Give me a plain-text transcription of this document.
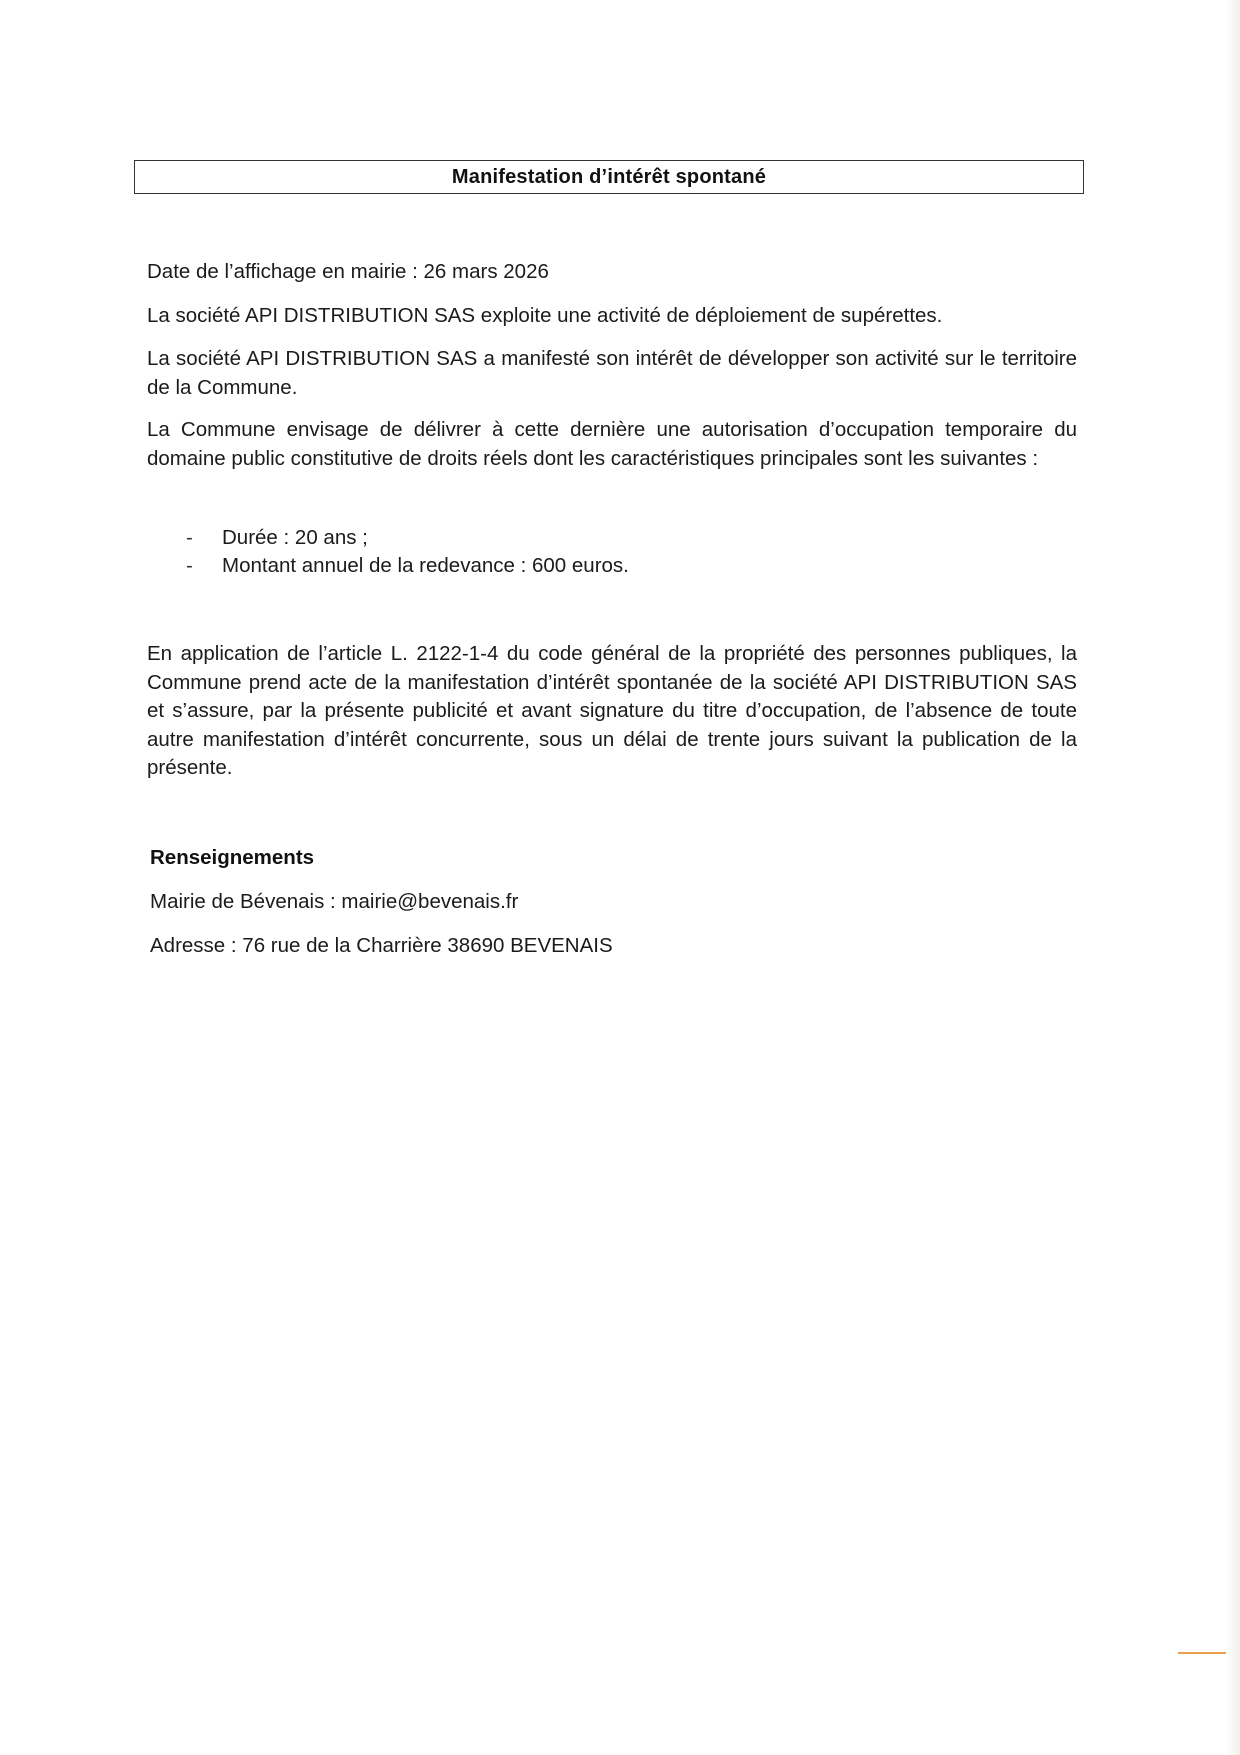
Manifestation d’intérêt spontané

Date de l’affichage en mairie : 26 mars 2026

La société API DISTRIBUTION SAS exploite une activité de déploiement de supérettes.

La société API DISTRIBUTION SAS a manifesté son intérêt de développer son activité sur le territoire de la Commune.

La Commune envisage de délivrer à cette dernière une autorisation d’occupation temporaire du domaine public constitutive de droits réels dont les caractéristiques principales sont les suivantes :

-	Durée : 20 ans ;
-	Montant annuel de la redevance : 600 euros.

En application de l’article L. 2122-1-4 du code général de la propriété des personnes publiques, la Commune prend acte de la manifestation d’intérêt spontanée de la société API DISTRIBUTION SAS et s’assure, par la présente publicité et avant signature du titre d’occupation, de l’absence de toute autre manifestation d’intérêt concurrente, sous un délai de trente jours suivant la publication de la présente.

Renseignements
Mairie de Bévenais : mairie@bevenais.fr
Adresse : 76 rue de la Charrière 38690 BEVENAIS
